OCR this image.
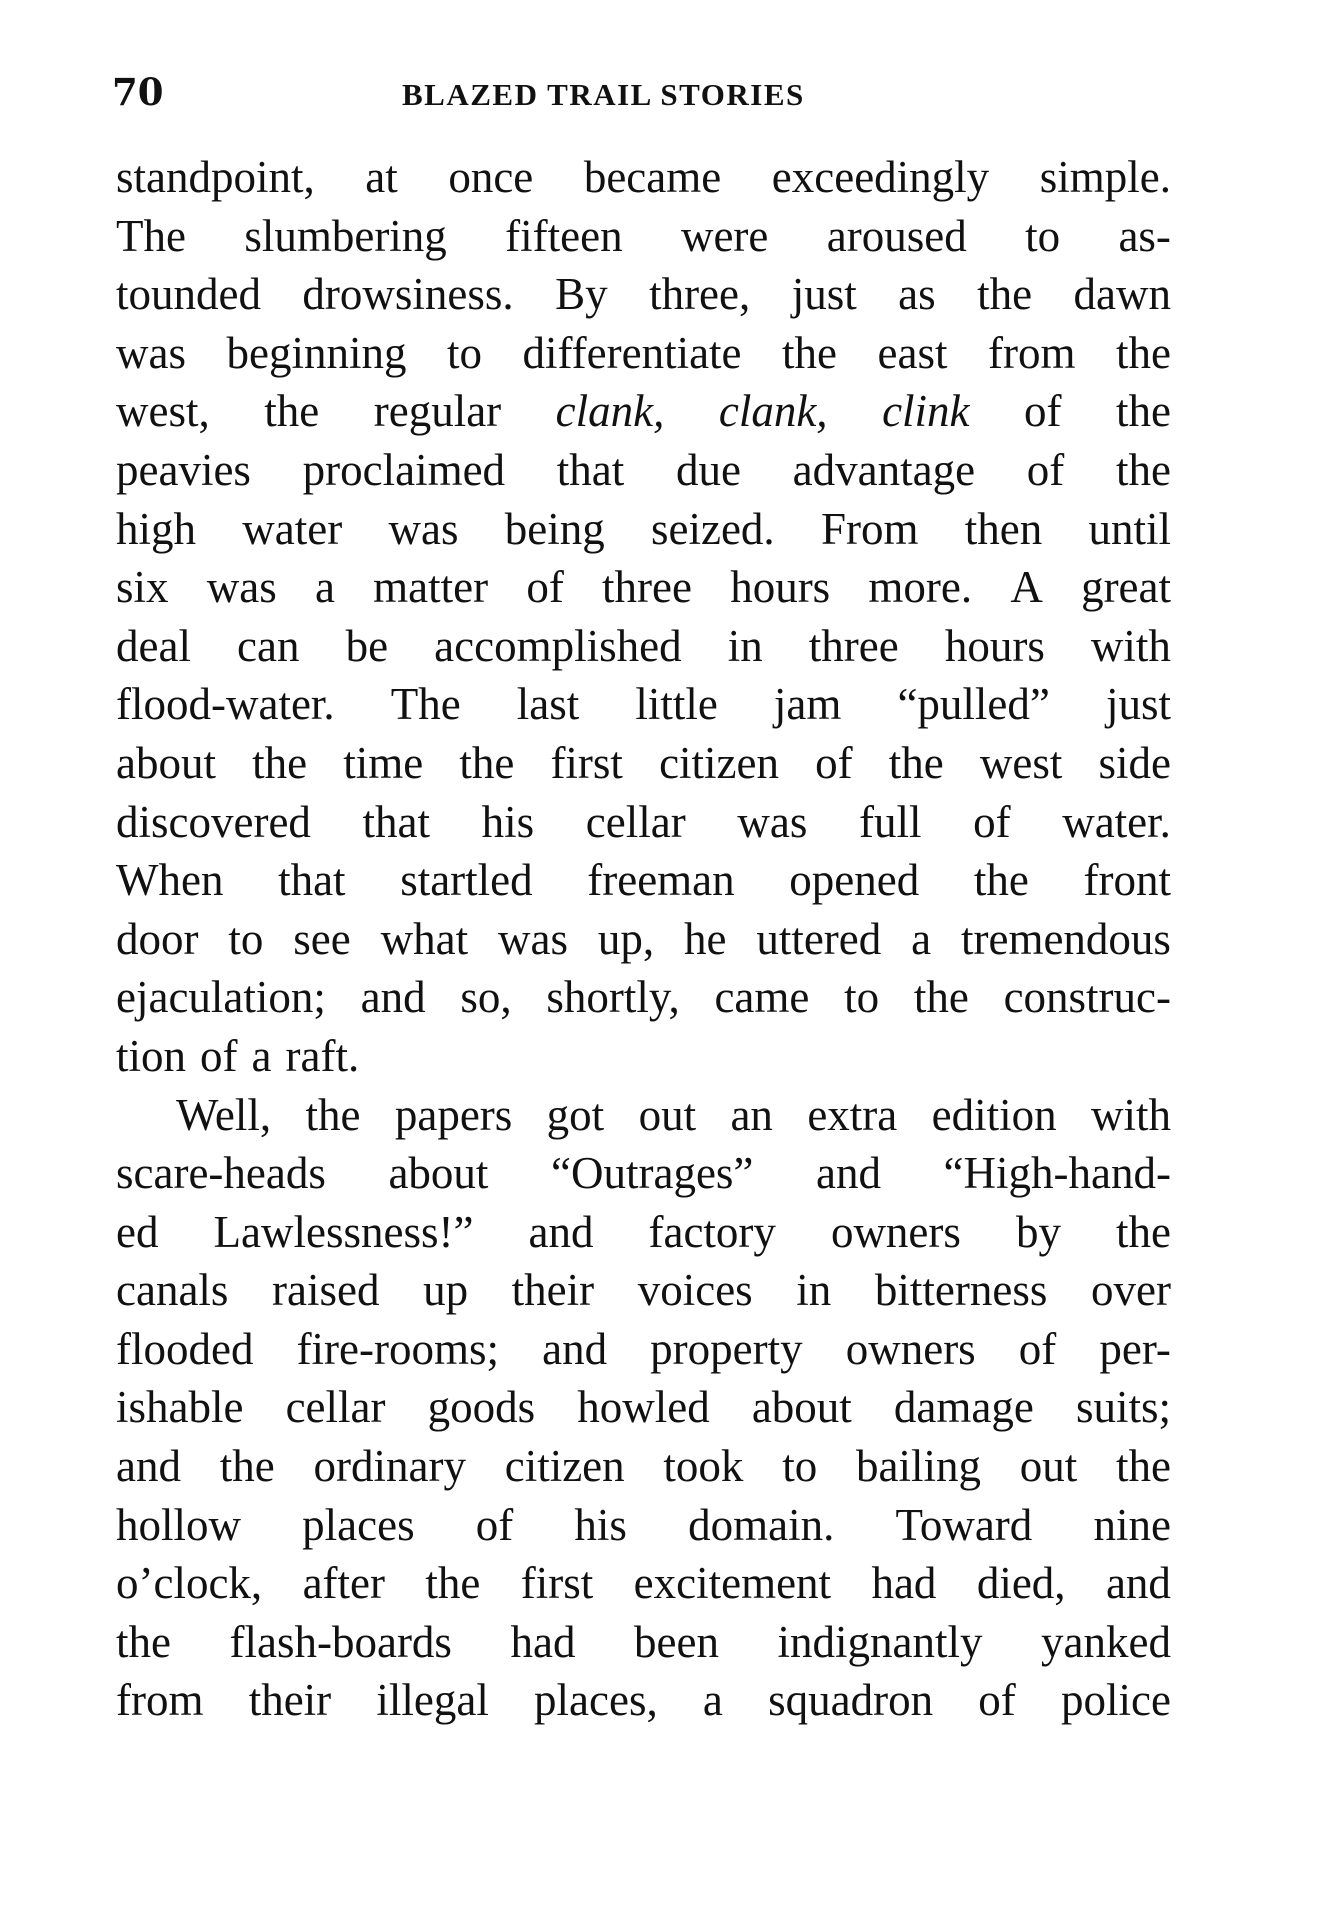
70	BLAZED TRAIL STORIES
standpoint, at once became exceedingly simple.
The slumbering fifteen were aroused to as-
tounded drowsiness. By three, just as the dawn
was beginning to differentiate the east from the
west, the regular clank, clank, clink of the
peavies proclaimed that due advantage of the
high water was being seized. From then until
six was a matter of three hours more. A great
deal can be accomplished in three hours with
flood-water. The last little jam “pulled” just
about the time the first citizen of the west side
discovered that his cellar was full of water.
When that startled freeman opened the front
door to see what was up, he uttered a tremendous
ejaculation; and so, shortly, came to the construc-
tion of a raft.
Well, the papers got out an extra edition with
scare-heads about “Outrages” and “High-hand-
ed Lawlessness!” and factory owners by the
canals raised up their voices in bitterness over
flooded fire-rooms; and property owners of per-
ishable cellar goods howled about damage suits;
and the ordinary citizen took to bailing out the
hollow places of his domain. Toward nine
o’clock, after the first excitement had died, and
the flash-boards had been indignantly yanked
from their illegal places, a squadron of police
